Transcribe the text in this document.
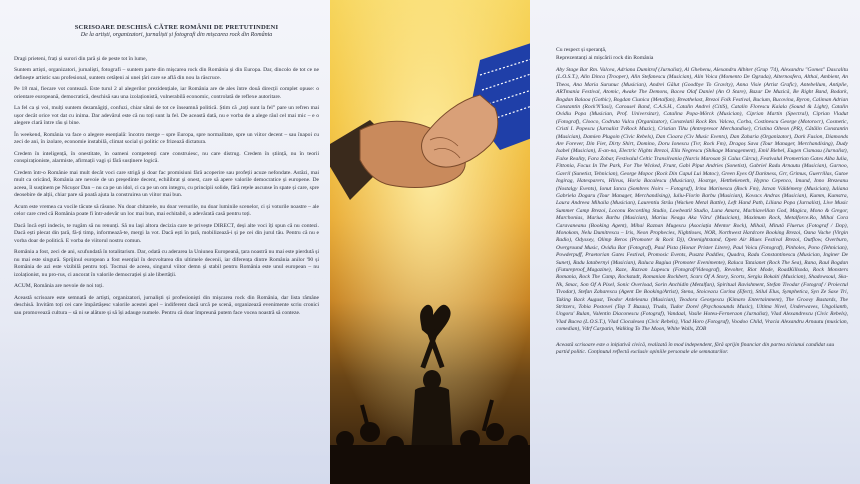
SCRISOARE DESCHISĂ CĂTRE ROMÂNII DE PRETUTINDENI
De la artiști, organizatori, jurnaliști și fotografi din mișcarea rock din România
Dragi prieteni, frați și surori din țară și de peste tot în lume,
Suntem artiști, organizatori, jurnaliști, fotografi – suntem parte din mișcarea rock din România și din Europa. Dar, dincolo de tot ce ne definește artistic sau profesional, suntem cetățeni ai unei țări care se află din nou la răscruce.
Pe 18 mai, fiecare vot contează. Este turul 2 al alegerilor prezidențiale, iar România are de ales între două direcții complet opuse: o orientare europeană, democratică, deschisă sau una izolaționistă, vulnerabilă economic, controlată de reflexe autoritare.
La fel ca și voi, mulți suntem dezamăgiți, confuzi, chiar sătui de tot ce înseamnă politică. Știm că „toți sunt la fel” pare un refren mai ușor decât orice vot dat cu inima. Dar adevărul este că nu toți sunt la fel. De această dată, nu e vorba de a alege răul cel mai mic – e o alegere clară între rău și bine.
În weekend, România va face o alegere esențială: încotro merge – spre Europa, spre normalitate, spre un viitor decent – sau înapoi cu zeci de ani, în izolare, economie instabilă, climat social și politic ce frizează dictatura.
Credem în inteligență, în onestitate, în oameni competenți care construiesc, nu care distrug. Credem în știință, nu în teorii conspiraționiste, alarmiste, afirmații vagi și fără susținere logică.
Credem într-o Românie mai mult decât voci care strigă și doar fac promisiuni fără acoperire sau profeții acuze nefondate. Astăzi, mai mult ca oricând, România are nevoie de un președinte decent, echilibrat și onest, care să apere valorile democratice și europene. De aceea, îl susținem pe Nicușor Dan – nu ca pe un idol, ci ca pe un om integru, cu principii solide, fără rețele ascunse în spate și care, spre deosebire de alții, chiar pare să poată ajuta la construirea un viitor mai bun.
Acum este vremea ca vocile tăcute să răsune. Nu doar chitarele, nu doar versurile, nu doar luminile scenelor, ci și voturile noastre – ale celor care cred că România poate fi într-adevăr un loc mai bun, mai echitabil, o adevărată casă pentru toți.
Dacă încă ești indecis, te rugăm să nu renunți. Să nu lași altora decizia care te privește DIRECT, deși alte voci îți spun că nu contezi. Dacă ești plecat din țară, fă-ți timp, informează-te, mergi la vot. Dacă ești în țară, mobilizează-i și pe cei din jurul tău. Pentru că nu e vorba doar de politică. E vorba de viitorul nostru comun.
România a fost, zeci de ani, scufundată în totalitarism. Dar, odată cu aderarea la Uniunea Europeană, țara noastră nu mai este pierdută și nu mai este singură. Sprijinul european a fost esențial în dezvoltarea din ultimele decenii, iar diferența dintre România anilor '90 și România de azi este vizibilă pentru toți. Tocmai de aceea, singurul viitor demn și stabil pentru România este unul european – nu izolaționist, nu pro-rus, ci ancorat în valorile democrației și ale libertății.
ACUM, România are nevoie de noi toți.
Această scrisoare este semnată de artiști, organizatori, jurnaliști și profesioniști din mișcarea rock din România, dar lista rămâne deschisă. Invităm toți cei care împărtășesc valorile acestei apel – indiferent dacă urcă pe scenă, organizează evenimente scriu cronici sau promovează cultura – să ni se alăture și să își adauge numele. Pentru că doar împreună putem face vocea noastră să conteze.
Cu respect și speranță,
Reprezentanți ai mișcării rock din România
Aby Stage Bar Rm. Valcea, Adriana Dumitrof (Jurnalist), Al Ghehenu, Alexandru Albiter (Grup '74), Alexandru "Gomez" Dascalitu (L.O.S.T.), Alin Dinca (Trooper), Alin Stefanescu (Musician), Alin Voica (Momento De Ograda), Alternosfera, Althai, Ambient, An Theos, Ana Maria Surunuc (Musician), Andrei Gălut (Goodbye To Gravity), Anna Visie (Artist Grafic), Antebellum, Antiplie, ARTmania Festival, Atomic, Awake The Demons, Bacea Olaf Daniel (An O Stare), Bazar De Muzică, Be Right Band, Bodark, Bogdan Balaoa (Gothic), Bogdan Ciunica (Metalfan), Breathelast, Brezoi Folk Festival, Bucium, Bucovina, Byron, Caliman Adrian Constantin (Rock'N'Iasi), Carousel Band, C.A.S.H., Catalin Andrei (CitiS), Catalin Florescu Kaiala (Sound & Light), Catalin Ovidiu Popa (Musician, Prof. Universitar), Catalina Popa-Mörck (Musician), Ciprian Martin (Spectral), Ciprian Vladut (Fotograf), Clooco, Codruta Vulcu (Organizator), Constelatii Rock Rm. Valcea, Corba, Costinescu George (Motorocr), Cosmetic, Cristi I. Popescu (Jurnalist TvRock Muzic), Cristian Tihu (Antrepresor Merchandise), Cristina Olteon (PR), Cătălin Constantin (Musician), Damien Plugoin (Civic Rebels), Dan Cioara (Civ Music Events), Dan Zaharia (Organizator), Dark Fusion, Diamonds Are Forever, Din Fier, Dirty Shirt, Domino, Doru Ionescu (Tvr, Rock Fm), Dragoș Sava (Tour Manager, Merchandising), Dudy Isabel (Musician), E-an-na, Electric Nights Brezoi, Ella Negrescu (Shikage Management), Emil Biebel, Eugen Cismasu (Jurnalist), False Reality, Fara Zobar, Festivalul Celtic Transilvania (Narcis Marosan Și Calus Cârcu), Festivalul Prometrian Gates Alba Iulia, Fittonia, Focus In The Park, For The Wicked, Frunt, Gabi Piput Andries (Sonetist), Gabriel Radu Arnautu (Musician), Garnoo, Gavril (Sunetist, Tehnician), George Mopoc (Rock Din Capul Lui Matoc), Green Eyes Of Darkness, Grr, Grimus, Guerrillas, Gutoe Ingirag, Hatesparers, Hlivus, Horia Bacalescu (Musician), Hostrge, Hetthekeneth, Hypno Cepenco, Imund, Inno Brezeanu (Nostalgy Events), Ionut Iancu (Sombres Noirs – Fotograf), Irina Marinescu (Rock Fm), Istvan Váldémeny (Musician), Iuliana Gabriela Dogaru (Tour Manager, Merchandising), Iuliu-Florin Barbu (Musician), Kovacs Andras (Musician), Kumm, Kumstra, Laura Andreea Mihaila (Musician), Laurentiu Strâu (Wacken Metal Battle), Left Hand Path, Liliana Popa (Jurnalist), Live Music Summer Camp Brezoi, Loconu Recording Studio, Lowbeatil Studio, Luna Amara, Machiavellian God, Magica, Mono & Gregor, Marchonias, Marius Barbu (Musician), Marius Neagu Aka Vâru' (Musician), Maximum Rock, Metalforce.Ro, Mihai Cora Caravaneanu (Booking Agent), Mihai Raznan Mugescu (Asociația Mentor Rock), Mihail, Mitută Fluerus (Fotograf / Dop), Monokom, Nelu Dumitrescu – Iris, Neon Prophecies, Nightloses, NOR, Northwest Hardcore Booking Brezoi, Oana Vache (Virgin Radio), Odyssey, Olimp Beros (Promoter & Rock Dj), Onenightstand, Open Air Blues Festival Brezoi, Outflow, Overburn, Overground Music, Ovidiu Bar (Fotograf), Paul Pista (Honar Prister Litere), Paul Voicu (Fotograf), Pinholes, Pono (Tehnician), Powderpuff, Praetorian Gates Festival, Promosic Events, Puszta Paddies, Quadra, Radu Constantinescu (Musician, Inginer De Sunet), Radu Iatabernyi (Musician), Raluca Bagiua (Promoter Evenimente), Raluca Tataianet (Rock The Sea), Rana, Raul Bogdan (Futureproof_Magazine), Raze, Razvan Lupescu (Fotograf/Videograf), Revolter, Riot Mode, RoadKillsoda, Rock Monsters Romania, Rock The Camp, Rockstadt, Romanian Rockbert, Scars Of A Story, Scorts, Sergiu Bokaiti (Musician), Shadowsoul, Ska-Nk, Smac, Son Of A Pixel, Sonic Overload, Sorin Anchidin (Metalfan), Spiritual Ravishment, Stefan Tivodar (Fotograf / Proiectul Tivodar), Stefan Zaharescu (Agent De Booking/Artist), Stena, Stoiceacu Corina (Efect), Stilul Elus, Symphetica, Syn Ze Sase Tri, Taking Back August, Teodor Ardeleanu (Musician), Teodora Georgescu (Kimaro Entertainment), The Groovy Bastards, The Stritzers, Tobia Postovei (Top T Buzau), Truda, Tudor Dorel (Psychosounds Music), Ultima Nivel, Underwaves, Ungolianth, Ungoru' Bulan, Valentin Diaconescu (Fotograf), Vandaal, Vasile Hoteu-Ferneraon (Jurnalist), Vlad Alexandrescu (Civic Rebels), Vlad Bucea (L.O.S.T.), Vlad Cioculesea (Civic Rebels), Vlad Horo (Fotograf), Voodoo Child, Vracia Alexandru Arnautu (musician, comedian), Vdrf Carpatin, Walking To The Moon, White Walls, ZOB
Această scrisoare este o inițiativă civică, realizată în mod independent, fără sprijin financiar din partea niciunui candidat sau partid politic. Conținutul reflectă exclusiv opiniile personale ale semnatarilor.
